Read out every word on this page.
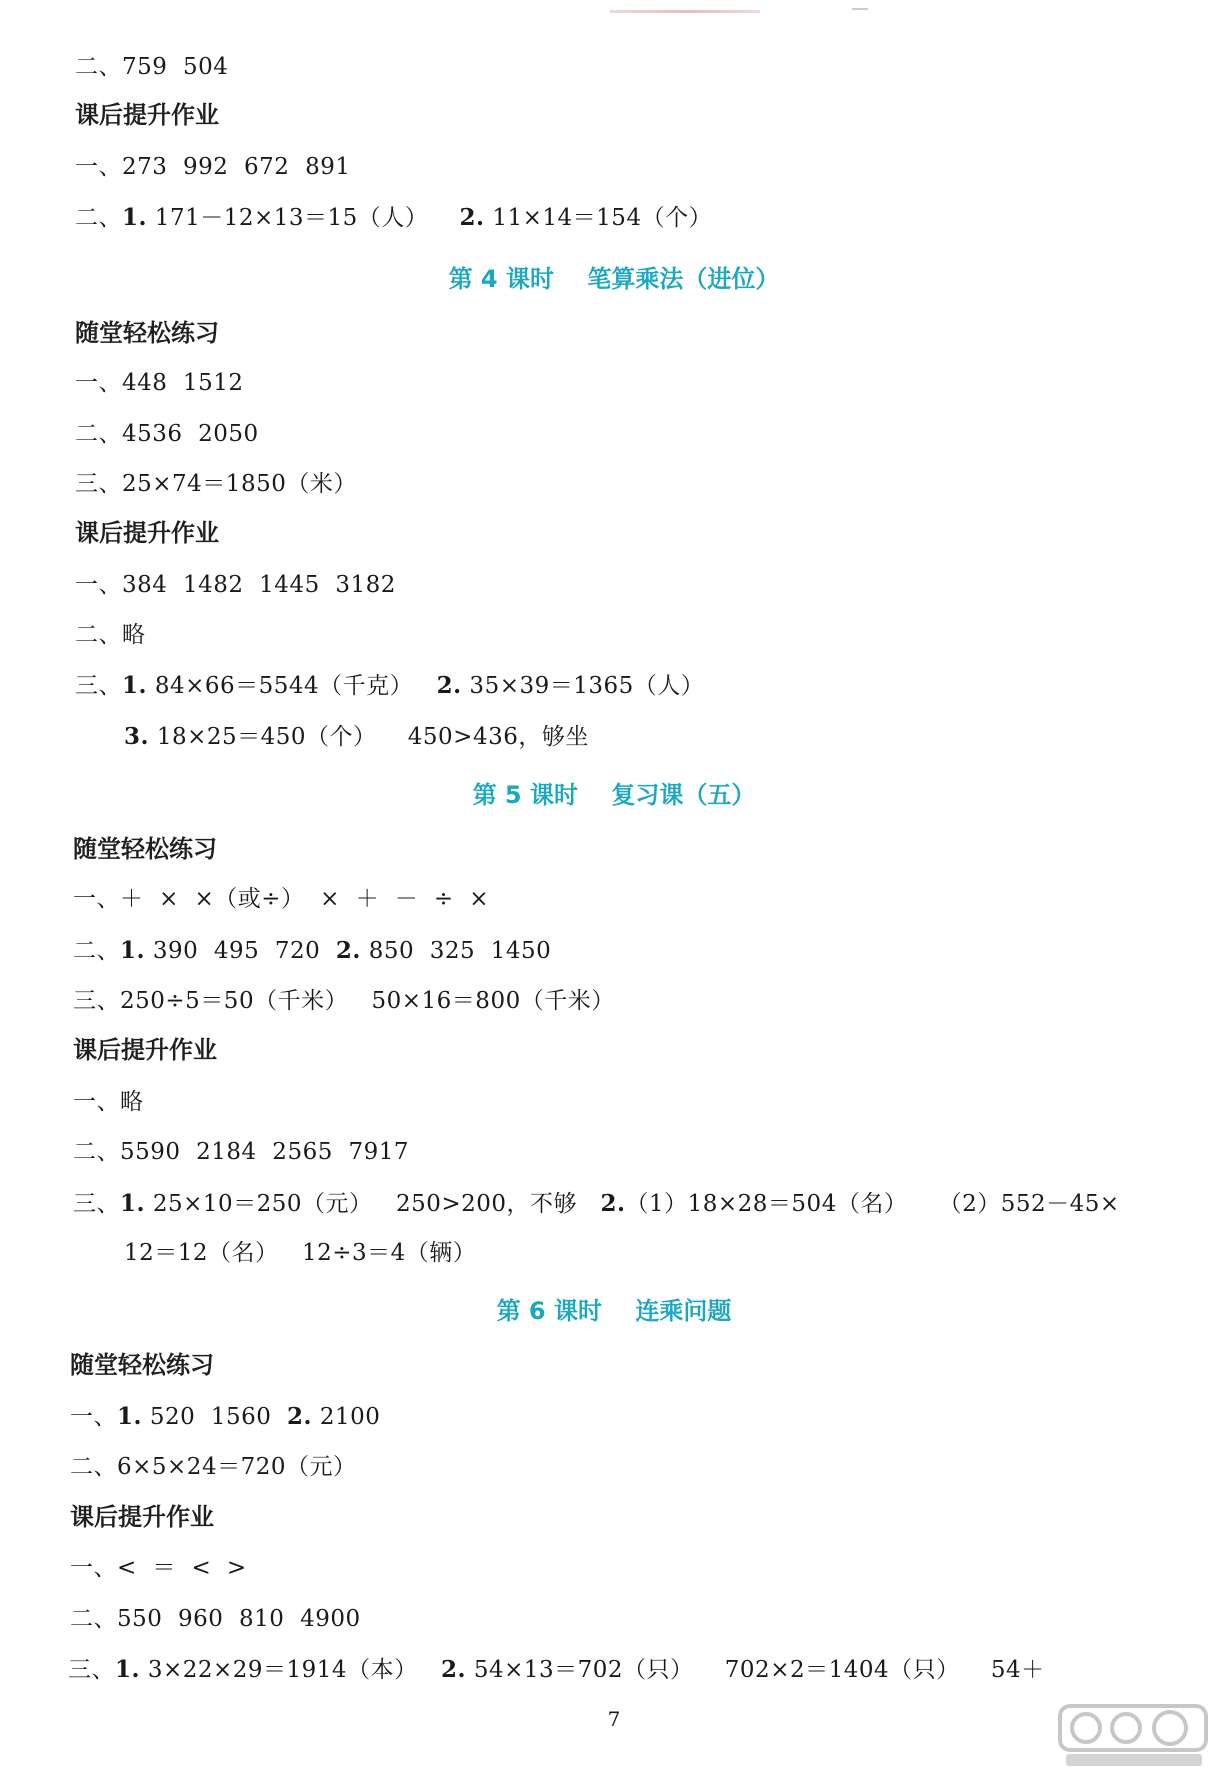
二、759  504
课后提升作业
一、273  992  672  891
二、1. 171－12×13＝15（人）    2. 11×14＝154（个）
第 4 课时    笔算乘法（进位）
随堂轻松练习
一、448  1512
二、4536  2050
三、25×74＝1850（米）
课后提升作业
一、384  1482  1445  3182
二、略
三、1. 84×66＝5544（千克）   2. 35×39＝1365（人）
3. 18×25＝450（个）    450>436，够坐
第 5 课时    复习课（五）
随堂轻松练习
一、＋  ×  ×（或÷）  ×  ＋  －  ÷  ×
二、1. 390  495  720  2. 850  325  1450
三、250÷5＝50（千米）   50×16＝800（千米）
课后提升作业
一、略
二、5590  2184  2565  7917
三、1. 25×10＝250（元）   250>200，不够   2.（1）18×28＝504（名）    （2）552－45×
12＝12（名）   12÷3＝4（辆）
第 6 课时    连乘问题
随堂轻松练习
一、1. 520  1560  2. 2100
二、6×5×24＝720（元）
课后提升作业
一、<  ＝  <  >
二、550  960  810  4900
三、1. 3×22×29＝1914（本）   2. 54×13＝702（只）    702×2＝1404（只）    54＋
7
